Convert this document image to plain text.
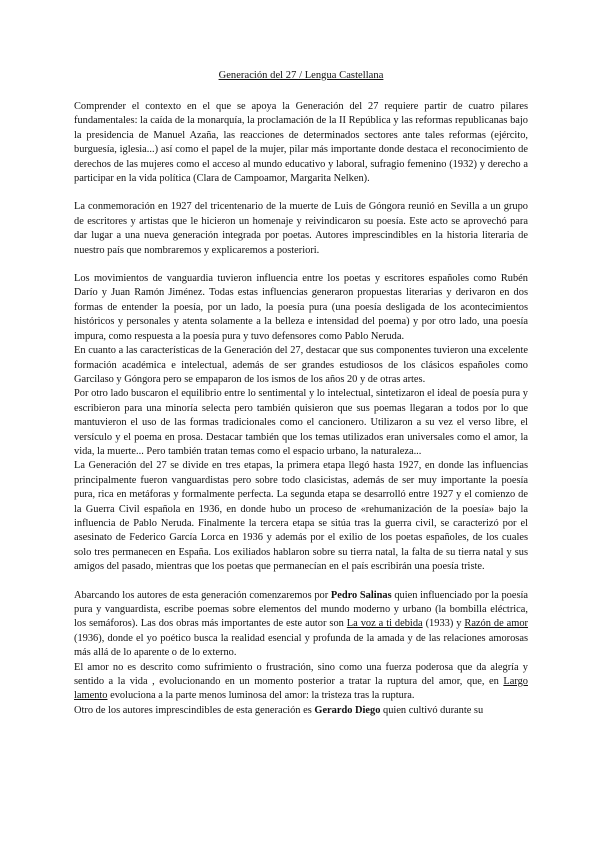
Generación del 27 / Lengua Castellana

Comprender el contexto en el que se apoya la Generación del 27 requiere partir de cuatro pilares fundamentales: la caída de la monarquía, la proclamación de la II República y las reformas republicanas bajo la presidencia de Manuel Azaña, las reacciones de determinados sectores ante tales reformas (ejército, burguesía, iglesia...) así como el papel de la mujer, pilar más importante donde destaca el reconocimiento de derechos de las mujeres como el acceso al mundo educativo y laboral, sufragio femenino (1932) y derecho a participar en la vida política (Clara de Campoamor, Margarita Nelken).

La conmemoración en 1927 del tricentenario de la muerte de Luis de Góngora reunió en Sevilla a un grupo de escritores y artistas que le hicieron un homenaje y reivindicaron su poesía. Este acto se aprovechó para dar lugar a una nueva generación integrada por poetas. Autores imprescindibles en la historia literaria de nuestro país que nombraremos y explicaremos a posteriori.

Los movimientos de vanguardia tuvieron influencia entre los poetas y escritores españoles como Rubén Darío y Juan Ramón Jiménez. Todas estas influencias generaron propuestas literarias y derivaron en dos formas de entender la poesía, por un lado, la poesía pura (una poesía desligada de los acontecimientos históricos y personales y atenta solamente a la belleza e intensidad del poema) y por otro lado, una poesía impura, como respuesta a la poesía pura y tuvo defensores como Pablo Neruda.

En cuanto a las características de la Generación del 27, destacar que sus componentes tuvieron una excelente formación académica e intelectual, además de ser grandes estudiosos de los clásicos españoles como Garcilaso y Góngora pero se empaparon de los ismos de los años 20 y de otras artes.

Por otro lado buscaron el equilibrio entre lo sentimental y lo intelectual, sintetizaron el ideal de poesía pura y escribieron para una minoría selecta pero también quisieron que sus poemas llegaran a todos por lo que mantuvieron el uso de las formas tradicionales como el cancionero. Utilizaron a su vez el verso libre, el versículo y el poema en prosa. Destacar también que los temas utilizados eran universales como el amor, la vida, la muerte... Pero también tratan temas como el espacio urbano, la naturaleza...

La Generación del 27 se divide en tres etapas, la primera etapa llegó hasta 1927, en donde las influencias principalmente fueron vanguardistas pero sobre todo clasicistas, además de ser muy importante la poesía pura, rica en metáforas y formalmente perfecta. La segunda etapa se desarrolló entre 1927 y el comienzo de la Guerra Civil española en 1936, en donde hubo un proceso de «rehumanización de la poesía» bajo la influencia de Pablo Neruda. Finalmente la tercera etapa se sitúa tras la guerra civil, se caracterizó por el asesinato de Federico García Lorca en 1936 y además por el exilio de los poetas españoles, de los cuales solo tres permanecen en España. Los exiliados hablaron sobre su tierra natal, la falta de su tierra natal y sus amigos del pasado, mientras que los poetas que permanecían en el país escribirán una poesía triste.

Abarcando los autores de esta generación comenzaremos por Pedro Salinas quien influenciado por la poesía pura y vanguardista, escribe poemas sobre elementos del mundo moderno y urbano (la bombilla eléctrica, los semáforos). Las dos obras más importantes de este autor son La voz a ti debida (1933) y Razón de amor (1936), donde el yo poético busca la realidad esencial y profunda de la amada y de las relaciones amorosas más allá de lo aparente o de lo externo.

El amor no es descrito como sufrimiento o frustración, sino como una fuerza poderosa que da alegría y sentido a la vida , evolucionando en un momento posterior a tratar la ruptura del amor, que, en Largo lamento evoluciona a la parte menos luminosa del amor: la tristeza tras la ruptura.

Otro de los autores imprescindibles de esta generación es Gerardo Diego quien cultivó durante su
